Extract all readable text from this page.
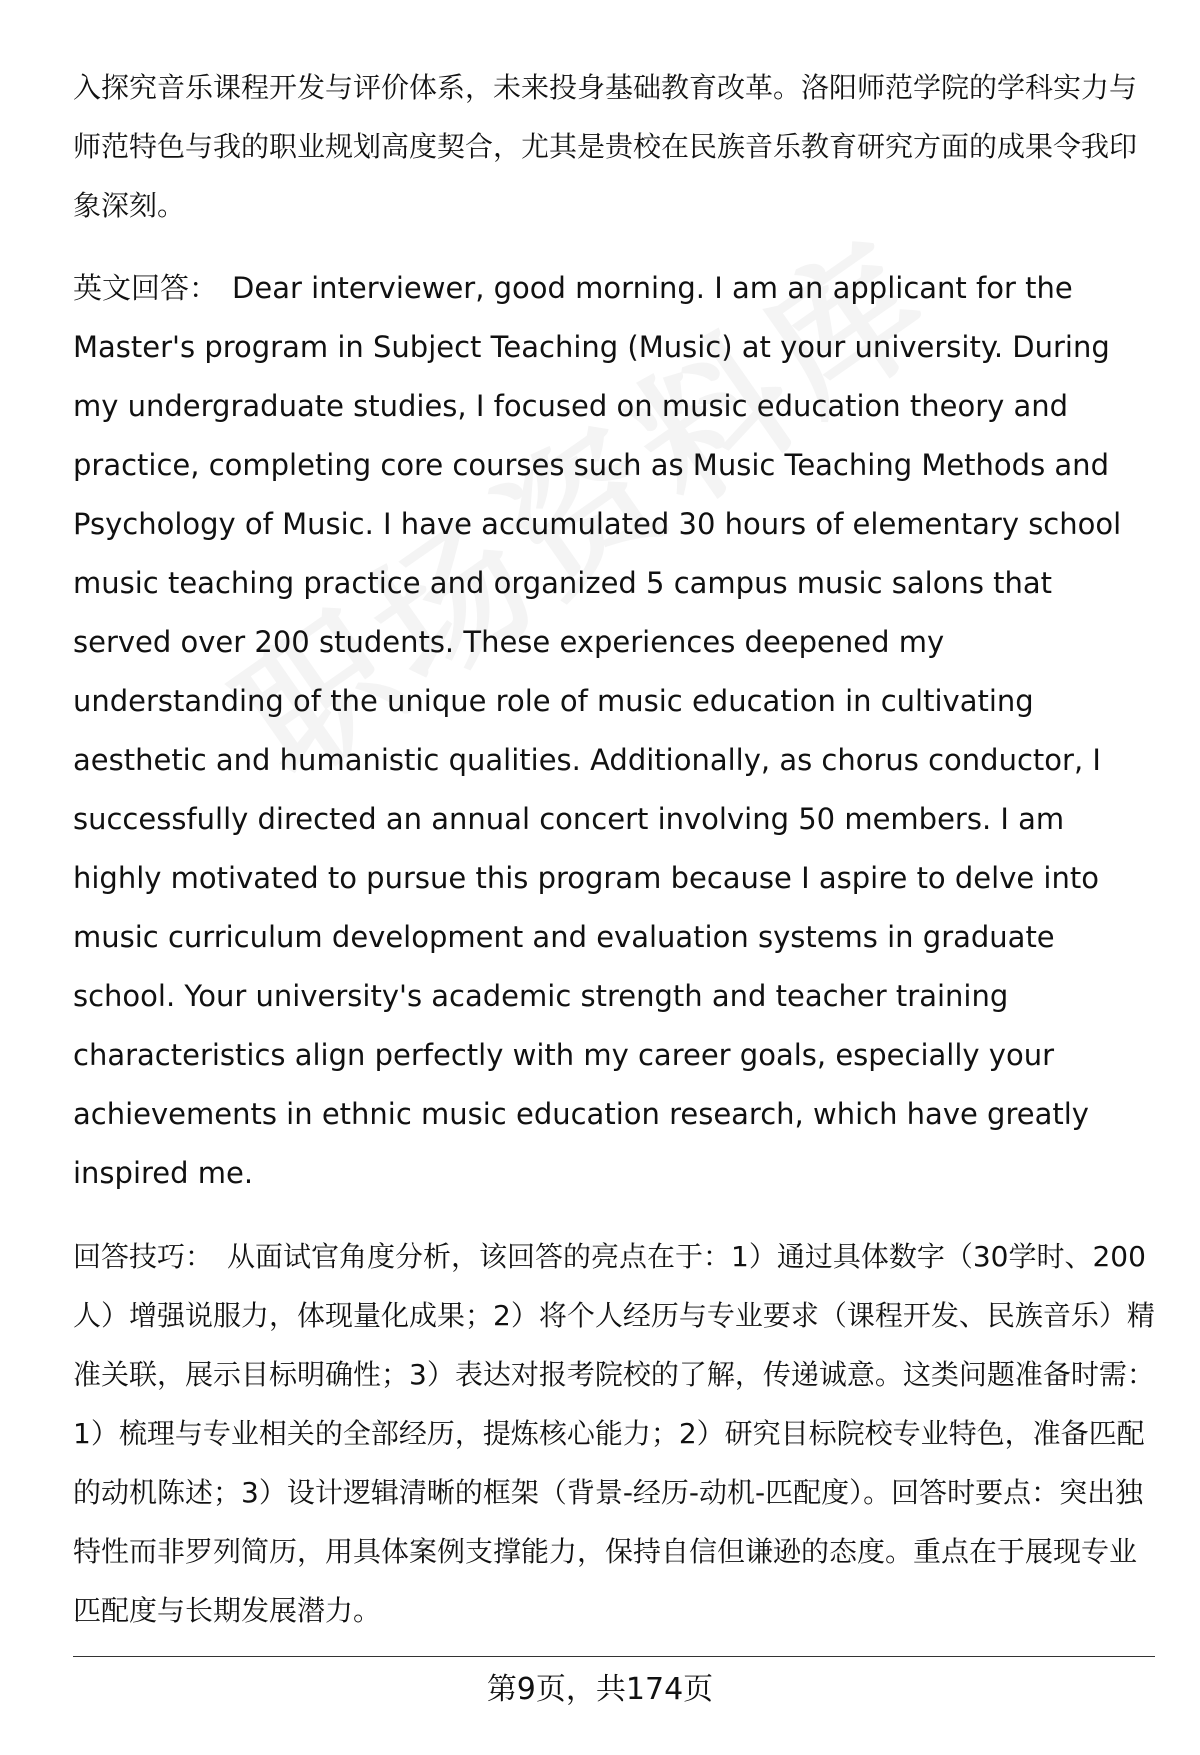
入探究音乐课程开发与评价体系，未来投身基础教育改革。洛阳师范学院的学科实力与师范特色与我的职业规划高度契合，尤其是贵校在民族音乐教育研究方面的成果令我印象深刻。

英文回答： Dear interviewer, good morning. I am an applicant for the Master's program in Subject Teaching (Music) at your university. During my undergraduate studies, I focused on music education theory and practice, completing core courses such as Music Teaching Methods and Psychology of Music. I have accumulated 30 hours of elementary school music teaching practice and organized 5 campus music salons that served over 200 students. These experiences deepened my understanding of the unique role of music education in cultivating aesthetic and humanistic qualities. Additionally, as chorus conductor, I successfully directed an annual concert involving 50 members. I am highly motivated to pursue this program because I aspire to delve into music curriculum development and evaluation systems in graduate school. Your university's academic strength and teacher training characteristics align perfectly with my career goals, especially your achievements in ethnic music education research, which have greatly inspired me.

回答技巧： 从面试官角度分析，该回答的亮点在于：1）通过具体数字（30学时、200人）增强说服力，体现量化成果；2）将个人经历与专业要求（课程开发、民族音乐）精准关联，展示目标明确性；3）表达对报考院校的了解，传递诚意。这类问题准备时需：1）梳理与专业相关的全部经历，提炼核心能力；2）研究目标院校专业特色，准备匹配的动机陈述；3）设计逻辑清晰的框架（背景-经历-动机-匹配度）。回答时要点：突出独特性而非罗列简历，用具体案例支撑能力，保持自信但谦逊的态度。重点在于展现专业匹配度与长期发展潜力。

第9页，共174页
